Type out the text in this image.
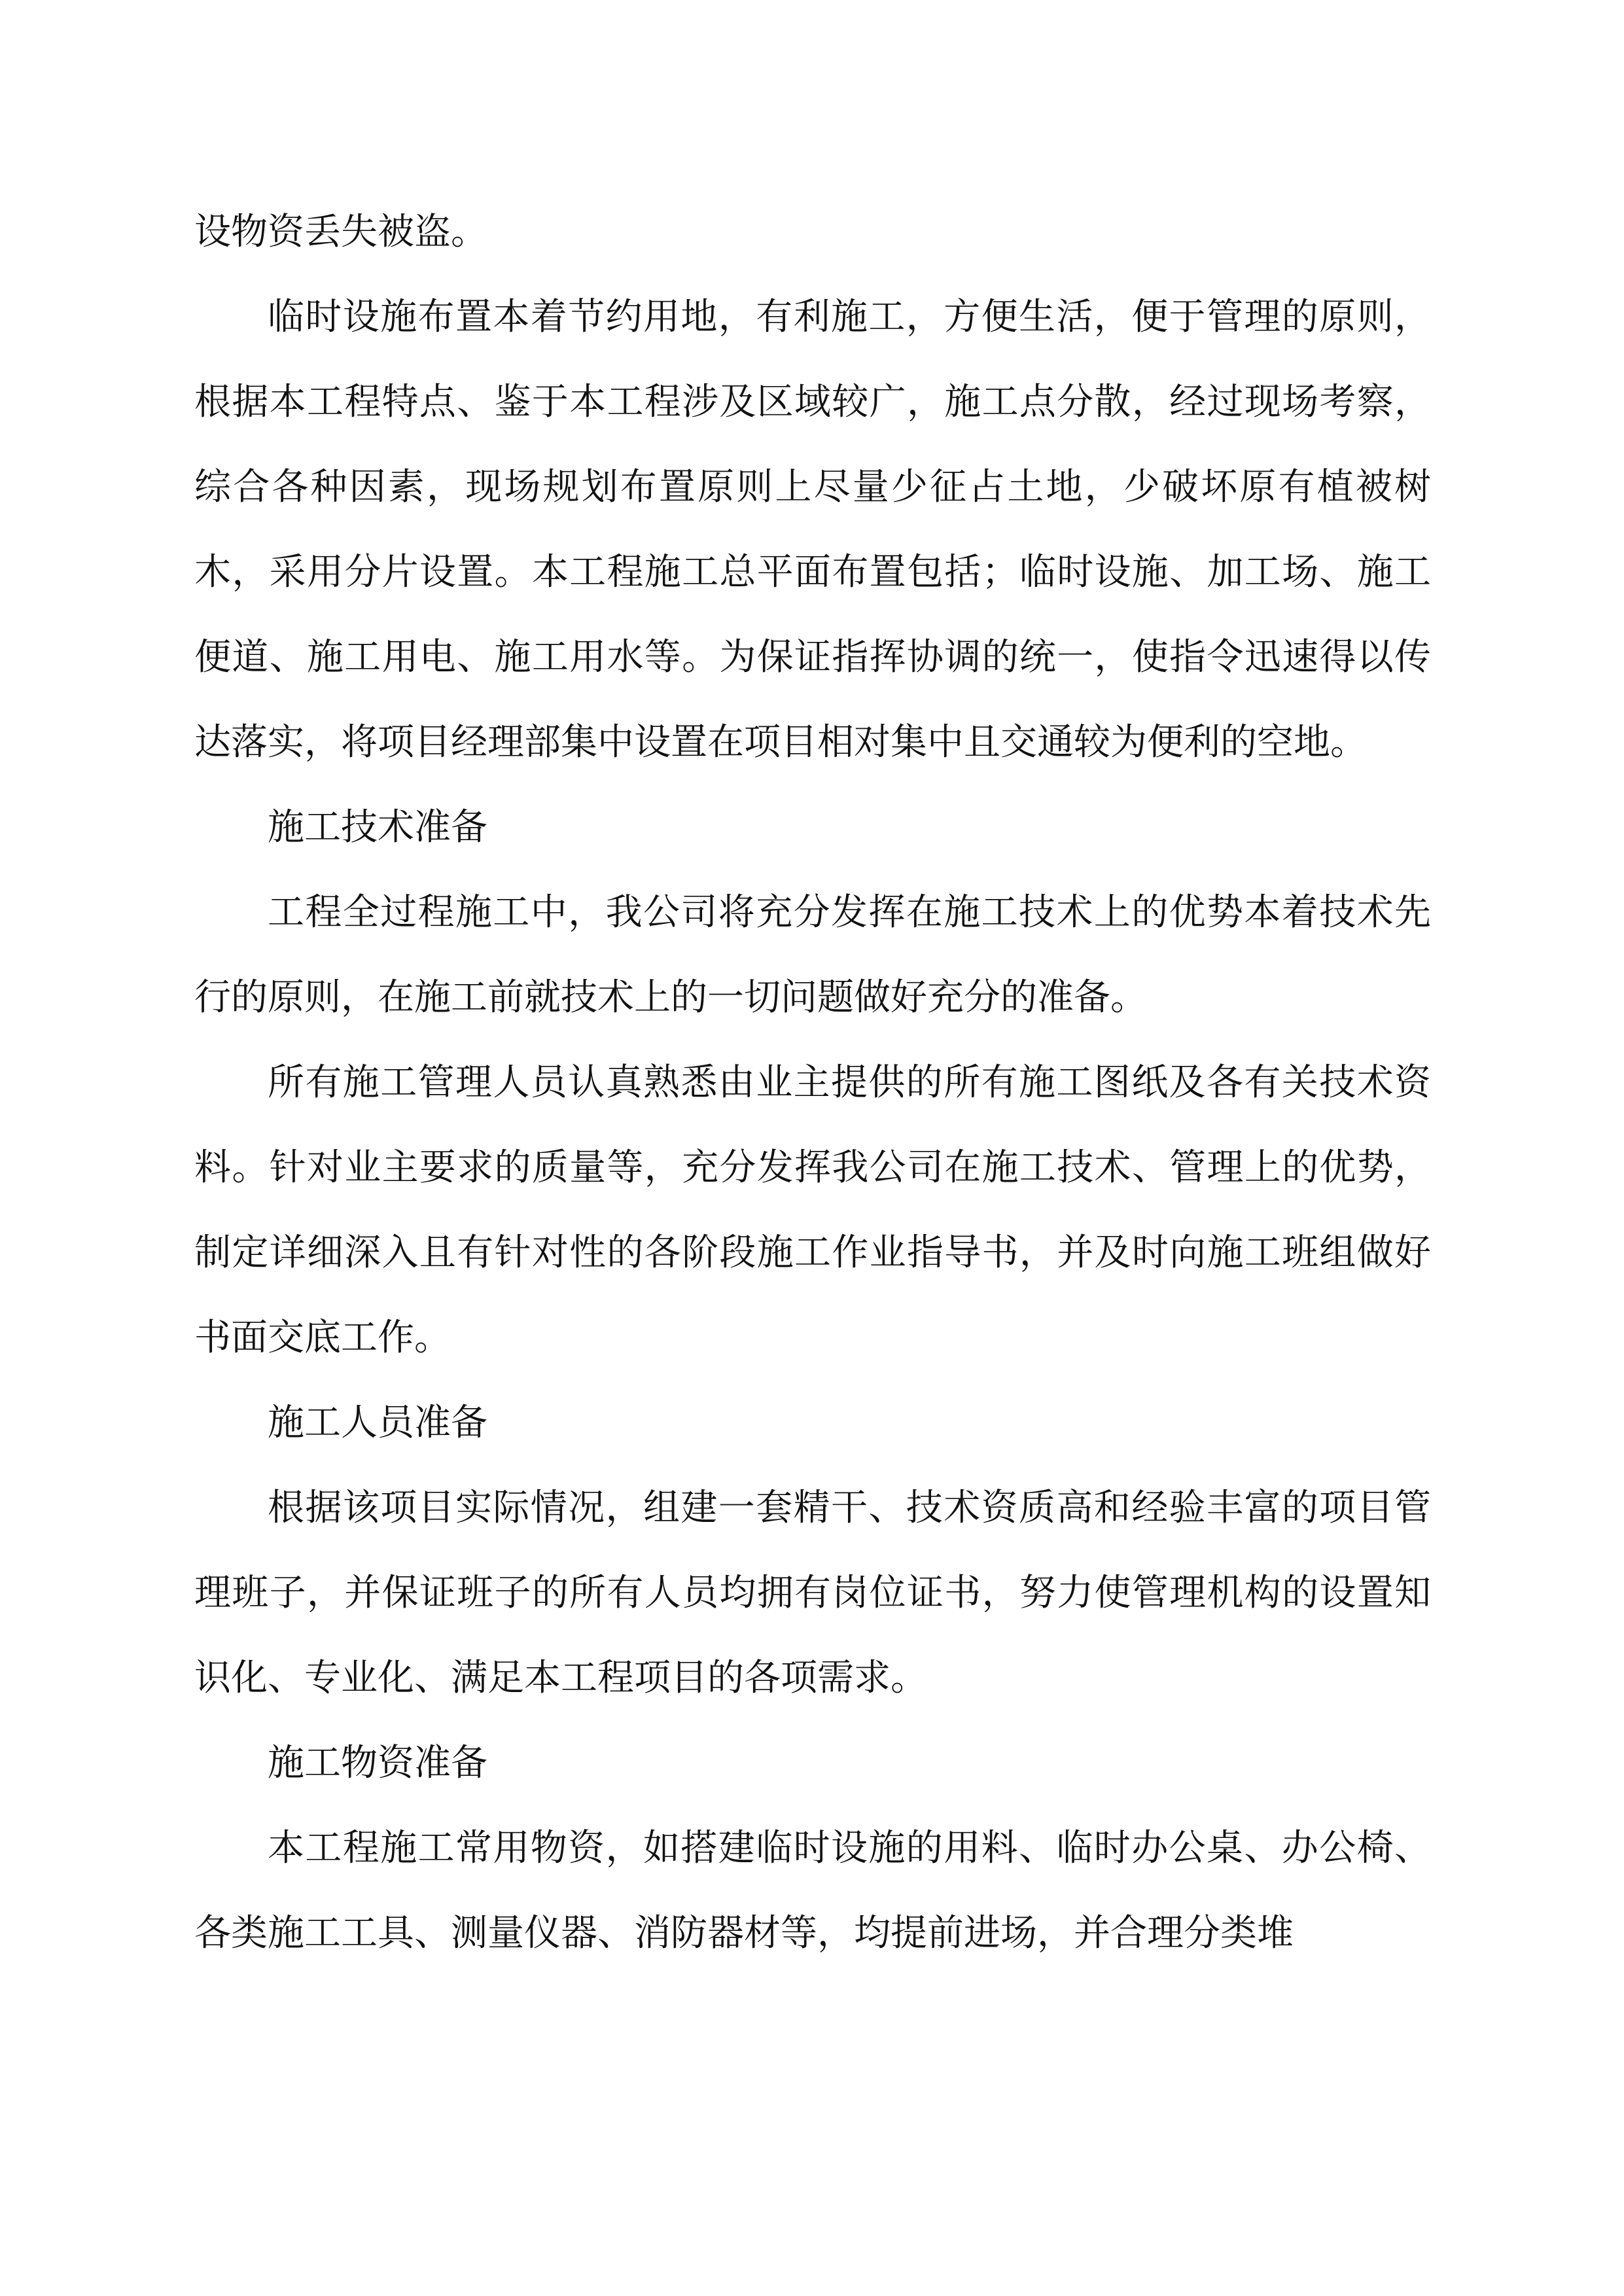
设物资丢失被盗。

临时设施布置本着节约用地，有利施工，方便生活，便于管理的原则，根据本工程特点、鉴于本工程涉及区域较广，施工点分散，经过现场考察，综合各种因素，现场规划布置原则上尽量少征占土地，少破坏原有植被树木，采用分片设置。本工程施工总平面布置包括；临时设施、加工场、施工便道、施工用电、施工用水等。为保证指挥协调的统一，使指令迅速得以传达落实，将项目经理部集中设置在项目相对集中且交通较为便利的空地。

施工技术准备

工程全过程施工中，我公司将充分发挥在施工技术上的优势本着技术先行的原则，在施工前就技术上的一切问题做好充分的准备。

所有施工管理人员认真熟悉由业主提供的所有施工图纸及各有关技术资料。针对业主要求的质量等，充分发挥我公司在施工技术、管理上的优势，制定详细深入且有针对性的各阶段施工作业指导书，并及时向施工班组做好书面交底工作。

施工人员准备

根据该项目实际情况，组建一套精干、技术资质高和经验丰富的项目管理班子，并保证班子的所有人员均拥有岗位证书，努力使管理机构的设置知识化、专业化、满足本工程项目的各项需求。

施工物资准备

本工程施工常用物资，如搭建临时设施的用料、临时办公桌、办公椅、各类施工工具、测量仪器、消防器材等，均提前进场，并合理分类堆
